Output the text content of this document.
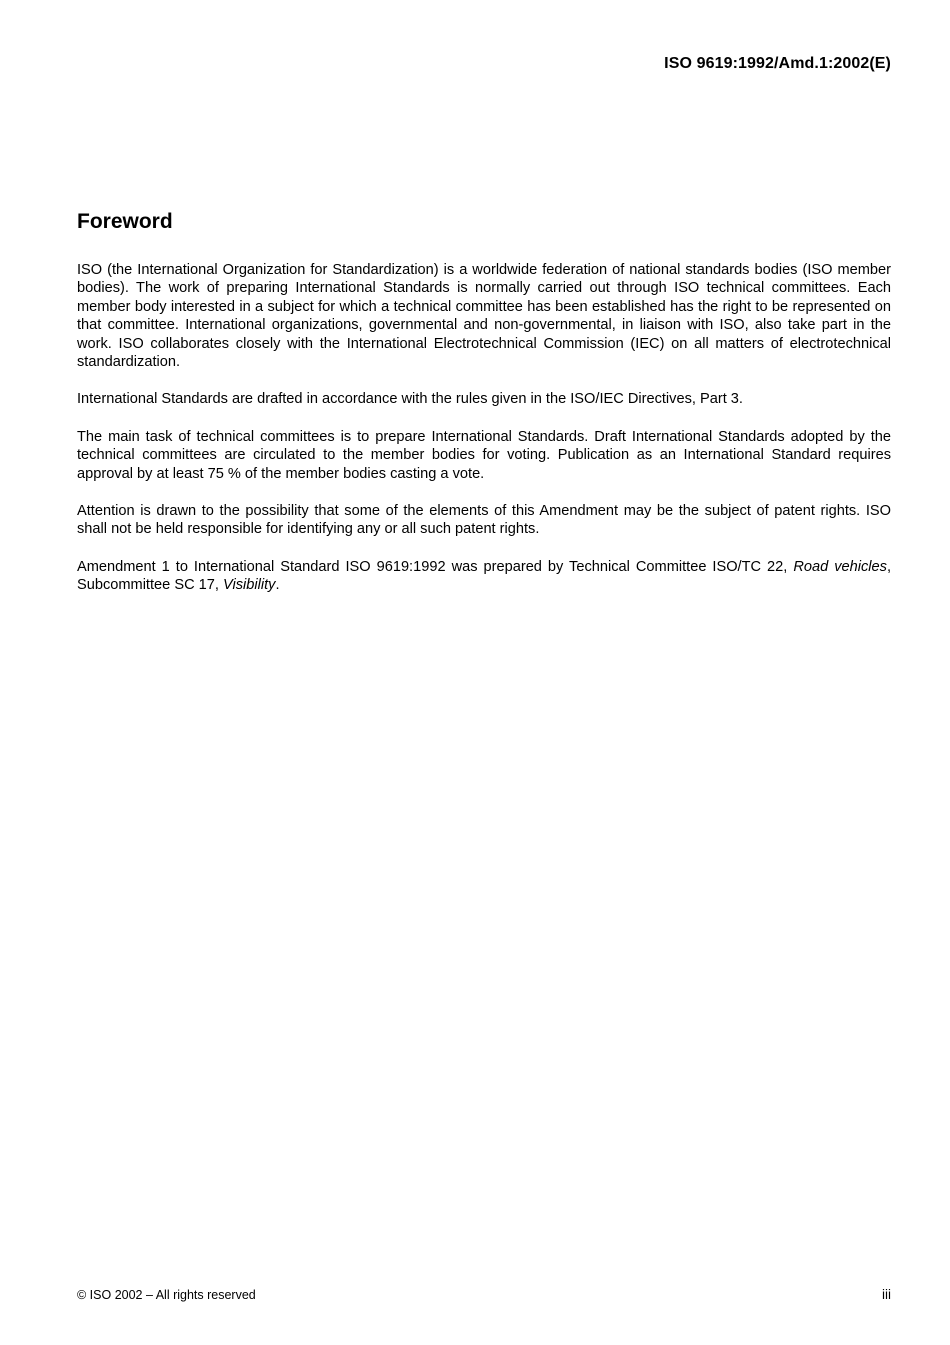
ISO 9619:1992/Amd.1:2002(E)
Foreword

ISO (the International Organization for Standardization) is a worldwide federation of national standards bodies (ISO member bodies). The work of preparing International Standards is normally carried out through ISO technical committees. Each member body interested in a subject for which a technical committee has been established has the right to be represented on that committee. International organizations, governmental and non-governmental, in liaison with ISO, also take part in the work. ISO collaborates closely with the International Electrotechnical Commission (IEC) on all matters of electrotechnical standardization.

International Standards are drafted in accordance with the rules given in the ISO/IEC Directives, Part 3.

The main task of technical committees is to prepare International Standards. Draft International Standards adopted by the technical committees are circulated to the member bodies for voting. Publication as an International Standard requires approval by at least 75 % of the member bodies casting a vote.

Attention is drawn to the possibility that some of the elements of this Amendment may be the subject of patent rights. ISO shall not be held responsible for identifying any or all such patent rights.

Amendment 1 to International Standard ISO 9619:1992 was prepared by Technical Committee ISO/TC 22, Road vehicles, Subcommittee SC 17, Visibility.

© ISO 2002 – All rights reserved	iii
